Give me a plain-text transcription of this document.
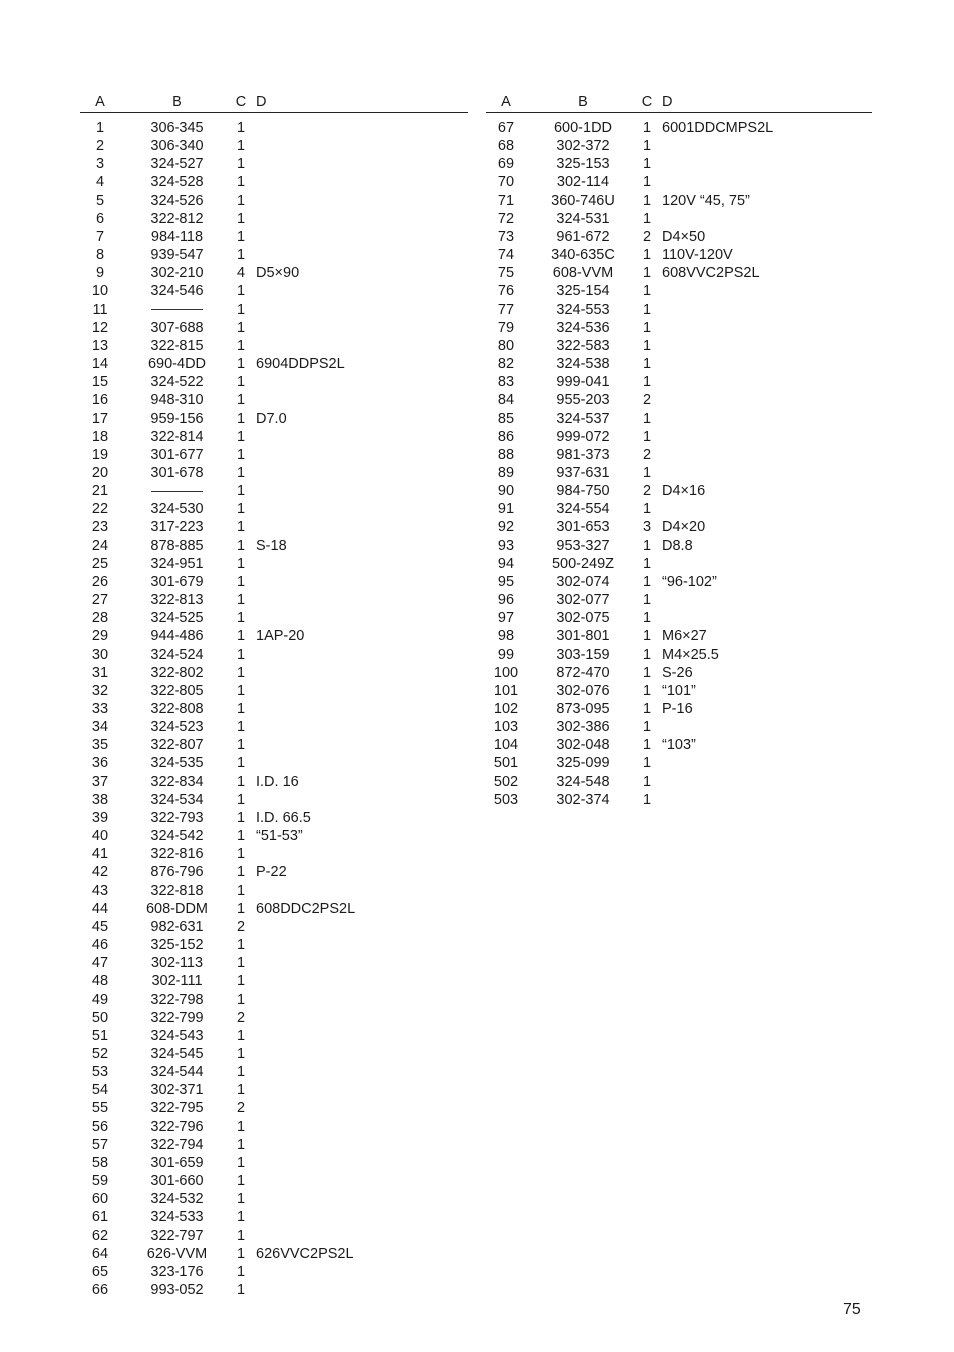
A	B	C	D

1	306-345	1	
2	306-340	1	
3	324-527	1	
4	324-528	1	
5	324-526	1	
6	322-812	1	
7	984-118	1	
8	939-547	1	
9	302-210	4	D5×90
10	324-546	1	
11		1	
12	307-688	1	
13	322-815	1	
14	690-4DD	1	6904DDPS2L
15	324-522	1	
16	948-310	1	
17	959-156	1	D7.0
18	322-814	1	
19	301-677	1	
20	301-678	1	
21		1	
22	324-530	1	
23	317-223	1	
24	878-885	1	S-18
25	324-951	1	
26	301-679	1	
27	322-813	1	
28	324-525	1	
29	944-486	1	1AP-20
30	324-524	1	
31	322-802	1	
32	322-805	1	
33	322-808	1	
34	324-523	1	
35	322-807	1	
36	324-535	1	
37	322-834	1	I.D. 16
38	324-534	1	
39	322-793	1	I.D. 66.5
40	324-542	1	“51-53”
41	322-816	1	
42	876-796	1	P-22
43	322-818	1	
44	608-DDM	1	608DDC2PS2L
45	982-631	2	
46	325-152	1	
47	302-113	1	
48	302-111	1	
49	322-798	1	
50	322-799	2	
51	324-543	1	
52	324-545	1	
53	324-544	1	
54	302-371	1	
55	322-795	2	
56	322-796	1	
57	322-794	1	
58	301-659	1	
59	301-660	1	
60	324-532	1	
61	324-533	1	
62	322-797	1	
64	626-VVM	1	626VVC2PS2L
65	323-176	1	
66	993-052	1	
A	B	C	D

67	600-1DD	1	6001DDCMPS2L
68	302-372	1	
69	325-153	1	
70	302-114	1	
71	360-746U	1	120V “45, 75”
72	324-531	1	
73	961-672	2	D4×50
74	340-635C	1	110V-120V
75	608-VVM	1	608VVC2PS2L
76	325-154	1	
77	324-553	1	
79	324-536	1	
80	322-583	1	
82	324-538	1	
83	999-041	1	
84	955-203	2	
85	324-537	1	
86	999-072	1	
88	981-373	2	
89	937-631	1	
90	984-750	2	D4×16
91	324-554	1	
92	301-653	3	D4×20
93	953-327	1	D8.8
94	500-249Z	1	
95	302-074	1	“96-102”
96	302-077	1	
97	302-075	1	
98	301-801	1	M6×27
99	303-159	1	M4×25.5
100	872-470	1	S-26
101	302-076	1	“101”
102	873-095	1	P-16
103	302-386	1	
104	302-048	1	“103”
501	325-099	1	
502	324-548	1	
503	302-374	1	
75
